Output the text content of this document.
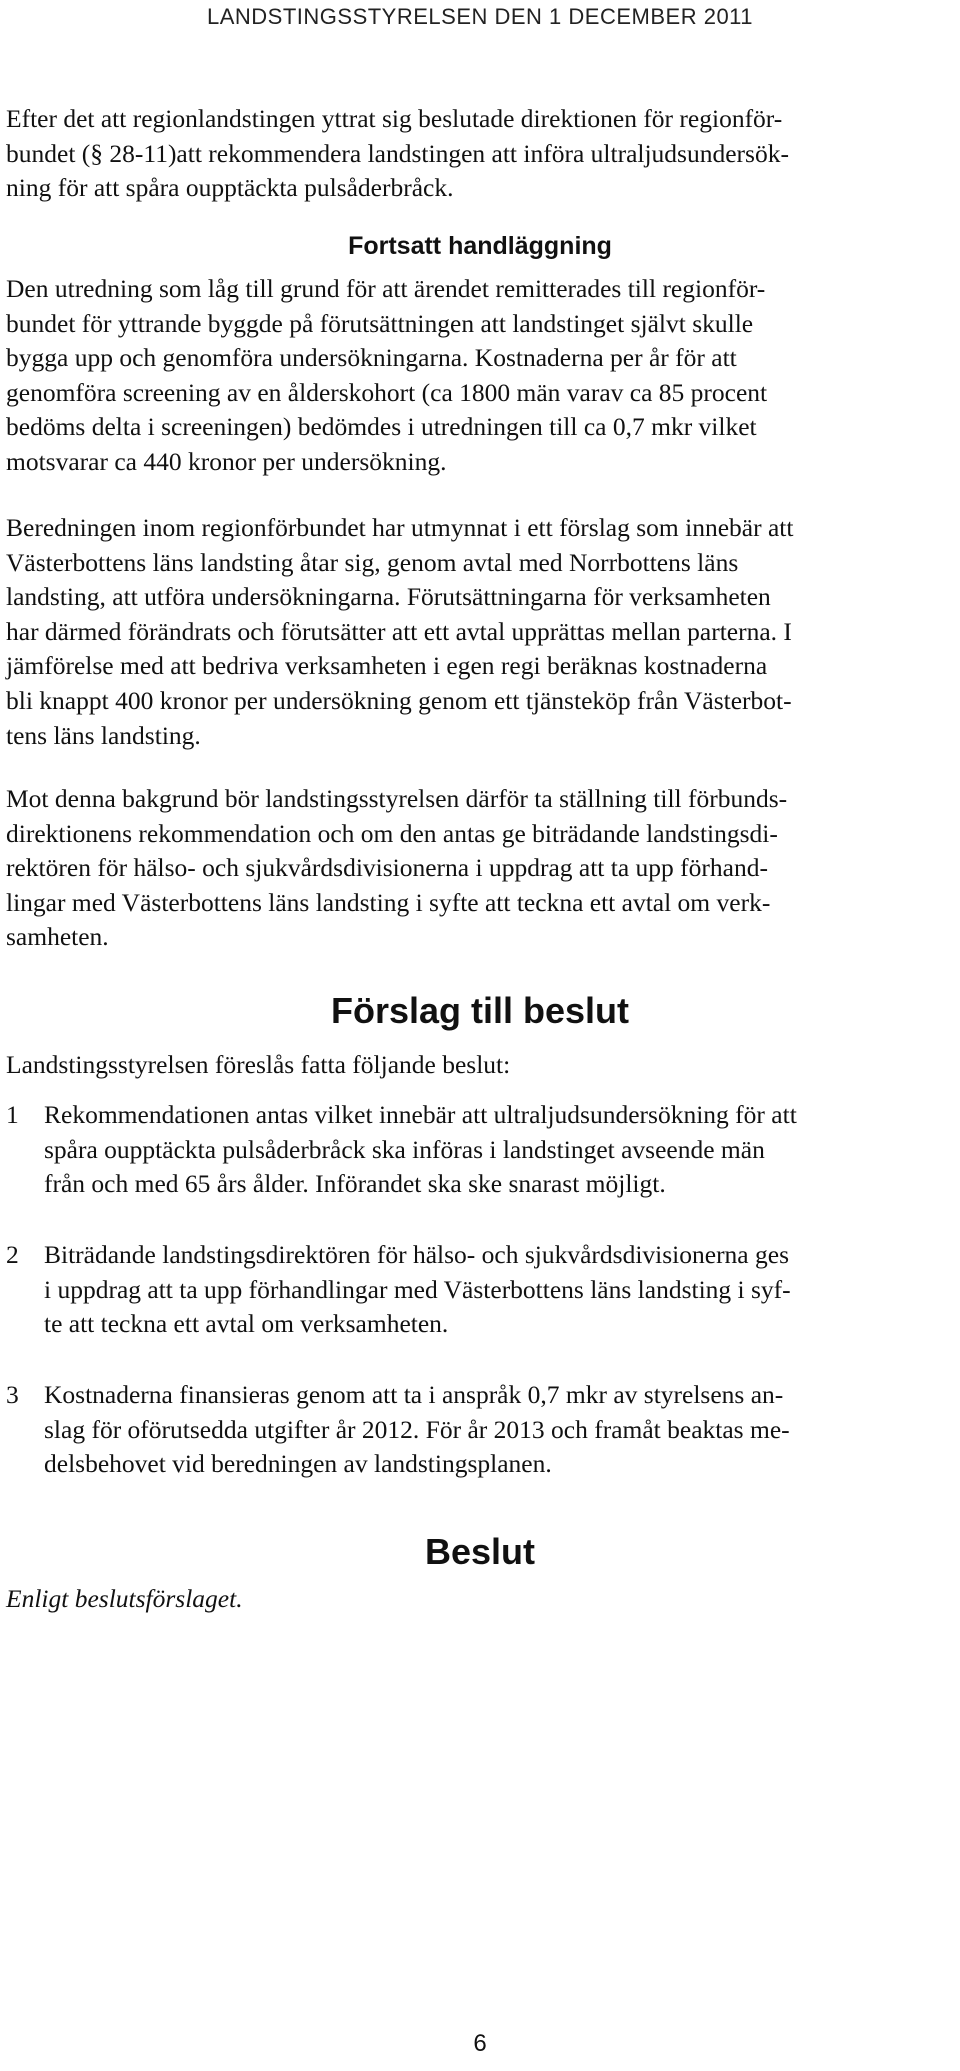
LANDSTINGSSTYRELSEN DEN 1 DECEMBER 2011
Efter det att regionlandstingen yttrat sig beslutade direktionen för regionför-
bundet (§ 28-11)att rekommendera landstingen att införa ultraljudsundersök-
ning för att spåra oupptäckta pulsåderbråck.
Fortsatt handläggning
Den utredning som låg till grund för att ärendet remitterades till regionför-
bundet för yttrande byggde på förutsättningen att landstinget självt skulle
bygga upp och genomföra undersökningarna. Kostnaderna per år för att
genomföra screening av en ålderskohort (ca 1800 män varav ca 85 procent
bedöms delta i screeningen) bedömdes i utredningen till ca 0,7 mkr vilket
motsvarar ca 440 kronor per undersökning.
Beredningen inom regionförbundet har utmynnat i ett förslag som innebär att
Västerbottens läns landsting åtar sig, genom avtal med Norrbottens läns
landsting, att utföra undersökningarna. Förutsättningarna för verksamheten
har därmed förändrats och förutsätter att ett avtal upprättas mellan parterna. I
jämförelse med att bedriva verksamheten i egen regi beräknas kostnaderna
bli knappt 400 kronor per undersökning genom ett tjänsteköp från Västerbot-
tens läns landsting.
Mot denna bakgrund bör landstingsstyrelsen därför ta ställning till förbunds-
direktionens rekommendation och om den antas ge biträdande landstingsdi-
rektören för hälso- och sjukvårdsdivisionerna i uppdrag att ta upp förhand-
lingar med Västerbottens läns landsting i syfte att teckna ett avtal om verk-
samheten.
Förslag till beslut
Landstingsstyrelsen föreslås fatta följande beslut:
1 Rekommendationen antas vilket innebär att ultraljudsundersökning för att
spåra oupptäckta pulsåderbråck ska införas i landstinget avseende män
från och med 65 års ålder. Införandet ska ske snarast möjligt.
2 Biträdande landstingsdirektören för hälso- och sjukvårdsdivisionerna ges
i uppdrag att ta upp förhandlingar med Västerbottens läns landsting i syf-
te att teckna ett avtal om verksamheten.
3 Kostnaderna finansieras genom att ta i anspråk 0,7 mkr av styrelsens an-
slag för oförutsedda utgifter år 2012. För år 2013 och framåt beaktas me-
delsbehovet vid beredningen av landstingsplanen.
Beslut
Enligt beslutsförslaget.
6
